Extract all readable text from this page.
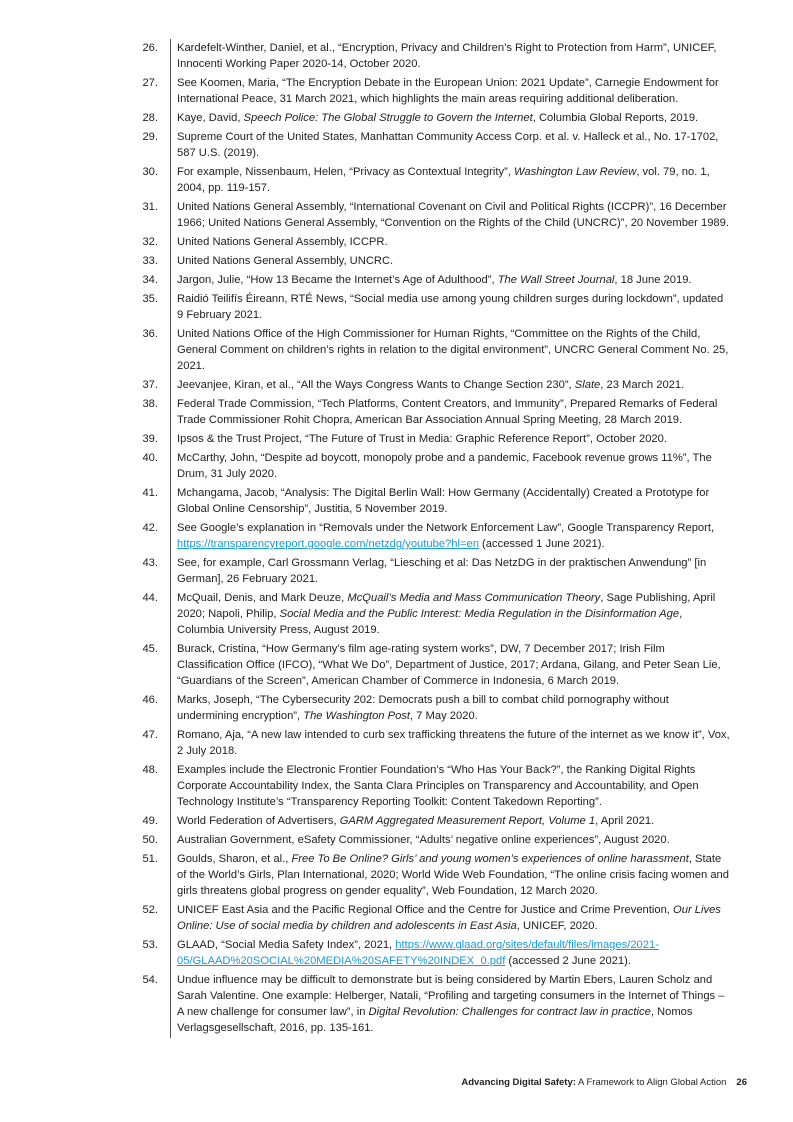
26.	Kardefelt-Winther, Daniel, et al., “Encryption, Privacy and Children’s Right to Protection from Harm”, UNICEF, Innocenti Working Paper 2020-14, October 2020.
27.	See Koomen, Maria, “The Encryption Debate in the European Union: 2021 Update”, Carnegie Endowment for International Peace, 31 March 2021, which highlights the main areas requiring additional deliberation.
28.	Kaye, David, Speech Police: The Global Struggle to Govern the Internet, Columbia Global Reports, 2019.
29.	Supreme Court of the United States, Manhattan Community Access Corp. et al. v. Halleck et al., No. 17-1702, 587 U.S. (2019).
30.	For example, Nissenbaum, Helen, “Privacy as Contextual Integrity”, Washington Law Review, vol. 79, no. 1, 2004, pp. 119-157.
31.	United Nations General Assembly, “International Covenant on Civil and Political Rights (ICCPR)”, 16 December 1966; United Nations General Assembly, “Convention on the Rights of the Child (UNCRC)”, 20 November 1989.
32.	United Nations General Assembly, ICCPR.
33.	United Nations General Assembly, UNCRC.
34.	Jargon, Julie, “How 13 Became the Internet’s Age of Adulthood”, The Wall Street Journal, 18 June 2019.
35.	Raidió Teilifís Éireann, RTÉ News, “Social media use among young children surges during lockdown”, updated 9 February 2021.
36.	United Nations Office of the High Commissioner for Human Rights, “Committee on the Rights of the Child, General Comment on children’s rights in relation to the digital environment”, UNCRC General Comment No. 25, 2021.
37.	Jeevanjee, Kiran, et al., “All the Ways Congress Wants to Change Section 230”, Slate, 23 March 2021.
38.	Federal Trade Commission, “Tech Platforms, Content Creators, and Immunity”, Prepared Remarks of Federal Trade Commissioner Rohit Chopra, American Bar Association Annual Spring Meeting, 28 March 2019.
39.	Ipsos & the Trust Project, “The Future of Trust in Media: Graphic Reference Report”, October 2020.
40.	McCarthy, John, “Despite ad boycott, monopoly probe and a pandemic, Facebook revenue grows 11%”, The Drum, 31 July 2020.
41.	Mchangama, Jacob, “Analysis: The Digital Berlin Wall: How Germany (Accidentally) Created a Prototype for Global Online Censorship”, Justitia, 5 November 2019.
42.	See Google’s explanation in “Removals under the Network Enforcement Law”, Google Transparency Report, https://transparencyreport.google.com/netzdg/youtube?hl=en (accessed 1 June 2021).
43.	See, for example, Carl Grossmann Verlag, “Liesching et al: Das NetzDG in der praktischen Anwendung” [in German], 26 February 2021.
44.	McQuail, Denis, and Mark Deuze, McQuail’s Media and Mass Communication Theory, Sage Publishing, April 2020; Napoli, Philip, Social Media and the Public Interest: Media Regulation in the Disinformation Age, Columbia University Press, August 2019.
45.	Burack, Cristina, “How Germany’s film age-rating system works”, DW, 7 December 2017; Irish Film Classification Office (IFCO), “What We Do”, Department of Justice, 2017; Ardana, Gilang, and Peter Sean Lie, “Guardians of the Screen”, American Chamber of Commerce in Indonesia, 6 March 2019.
46.	Marks, Joseph, “The Cybersecurity 202: Democrats push a bill to combat child pornography without undermining encryption”, The Washington Post, 7 May 2020.
47.	Romano, Aja, “A new law intended to curb sex trafficking threatens the future of the internet as we know it”, Vox, 2 July 2018.
48.	Examples include the Electronic Frontier Foundation’s “Who Has Your Back?”, the Ranking Digital Rights Corporate Accountability Index, the Santa Clara Principles on Transparency and Accountability, and Open Technology Institute’s “Transparency Reporting Toolkit: Content Takedown Reporting”.
49.	World Federation of Advertisers, GARM Aggregated Measurement Report, Volume 1, April 2021.
50.	Australian Government, eSafety Commissioner, “Adults’ negative online experiences”, August 2020.
51.	Goulds, Sharon, et al., Free To Be Online? Girls’ and young women’s experiences of online harassment, State of the World’s Girls, Plan International, 2020; World Wide Web Foundation, “The online crisis facing women and girls threatens global progress on gender equality”, Web Foundation, 12 March 2020.
52.	UNICEF East Asia and the Pacific Regional Office and the Centre for Justice and Crime Prevention, Our Lives Online: Use of social media by children and adolescents in East Asia, UNICEF, 2020.
53.	GLAAD, “Social Media Safety Index”, 2021, https://www.glaad.org/sites/default/files/images/2021-05/GLAAD%20SOCIAL%20MEDIA%20SAFETY%20INDEX_0.pdf (accessed 2 June 2021).
54.	Undue influence may be difficult to demonstrate but is being considered by Martin Ebers, Lauren Scholz and Sarah Valentine. One example: Helberger, Natali, “Profiling and targeting consumers in the Internet of Things – A new challenge for consumer law”, in Digital Revolution: Challenges for contract law in practice, Nomos Verlagsgesellschaft, 2016, pp. 135-161.
Advancing Digital Safety: A Framework to Align Global Action 26
